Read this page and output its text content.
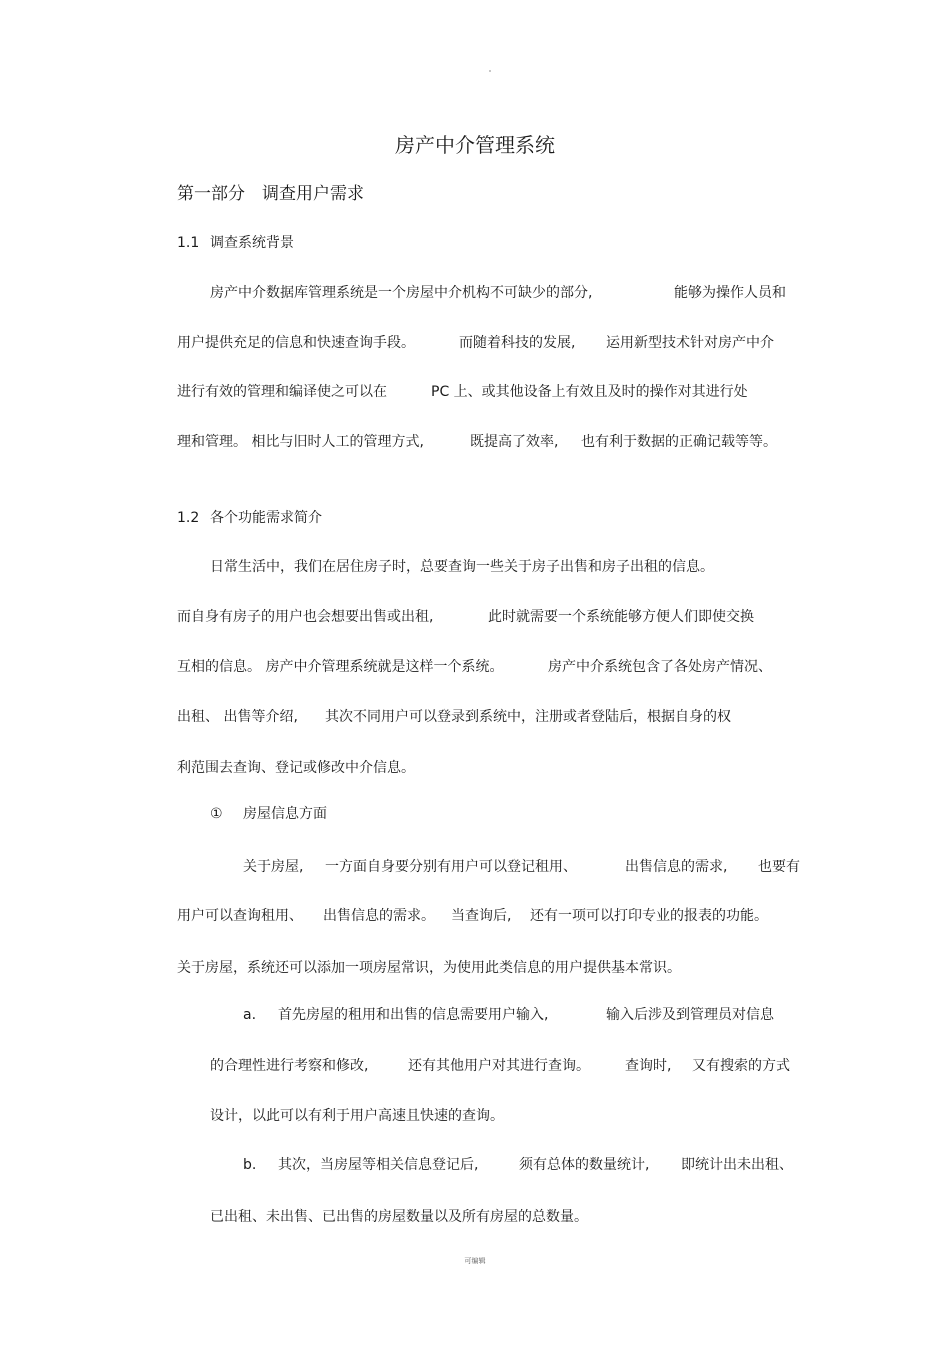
房产中介管理系统
第一部分 调查用户需求
1.1 调查系统背景
房产中介数据库管理系统是一个房屋中介机构不可缺少的部分,	能够为操作人员和
用户提供充足的信息和快速查询手段。	而随着科技的发展, 运用新型技术针对房产中介
进行有效的管理和编译使之可以在	PC 上、或其他设备上有效且及时的操作对其进行处
理和管理。 相比与旧时人工的管理方式,	既提高了效率, 也有利于数据的正确记载等等。
1.2 各个功能需求简介
日常生活中，我们在居住房子时，总要查询一些关于房子出售和房子出租的信息。
而自身有房子的用户也会想要出售或出租,	此时就需要一个系统能够方便人们即使交换
互相的信息。 房产中介管理系统就是这样一个系统。	房产中介系统包含了各处房产情况、
出租、 出售等介绍, 其次不同用户可以登录到系统中，注册或者登陆后，根据自身的权
利范围去查询、登记或修改中介信息。
① 房屋信息方面
关于房屋, 一方面自身要分别有用户可以登记租用、	出售信息的需求, 也要有
用户可以查询租用、 出售信息的需求。 当查询后, 还有一项可以打印专业的报表的功能。
关于房屋，系统还可以添加一项房屋常识，为使用此类信息的用户提供基本常识。
a. 首先房屋的租用和出售的信息需要用户输入,	输入后涉及到管理员对信息
的合理性进行考察和修改,	还有其他用户对其进行查询。	查询时, 又有搜索的方式
设计，以此可以有利于用户高速且快速的查询。
b. 其次，当房屋等相关信息登记后,	须有总体的数量统计, 即统计出未出租、
已出租、未出售、已出售的房屋数量以及所有房屋的总数量。
可编辑
